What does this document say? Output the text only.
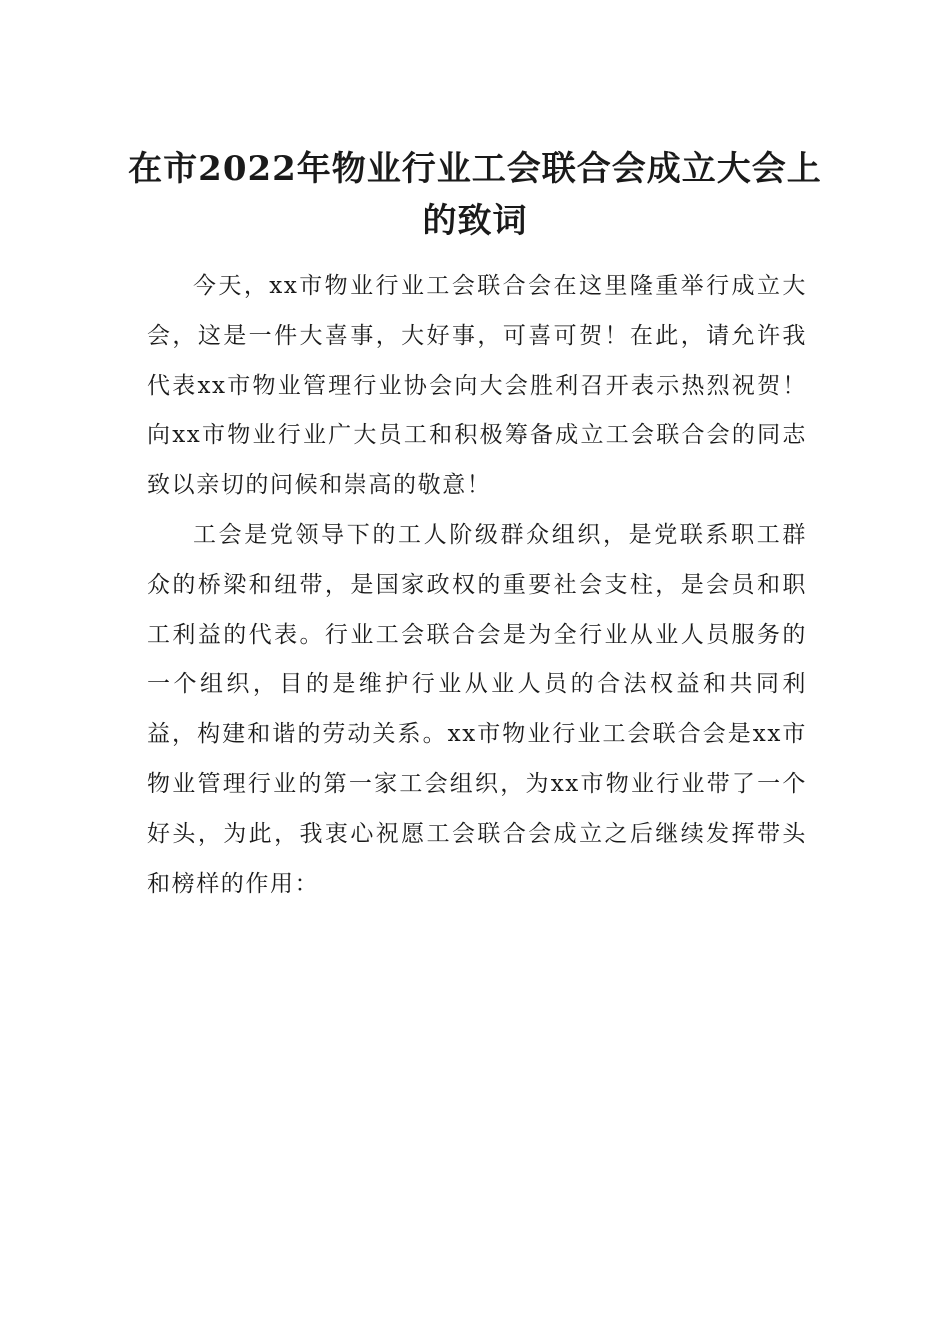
在市2022年物业行业工会联合会成立大会上的致词

今天，xx市物业行业工会联合会在这里隆重举行成立大会，这是一件大喜事，大好事，可喜可贺！在此，请允许我代表xx市物业管理行业协会向大会胜利召开表示热烈祝贺！向xx市物业行业广大员工和积极筹备成立工会联合会的同志致以亲切的问候和崇高的敬意！

工会是党领导下的工人阶级群众组织，是党联系职工群众的桥梁和纽带，是国家政权的重要社会支柱，是会员和职工利益的代表。行业工会联合会是为全行业从业人员服务的一个组织，目的是维护行业从业人员的合法权益和共同利益，构建和谐的劳动关系。xx市物业行业工会联合会是xx市物业管理行业的第一家工会组织，为xx市物业行业带了一个好头，为此，我衷心祝愿工会联合会成立之后继续发挥带头和榜样的作用：
